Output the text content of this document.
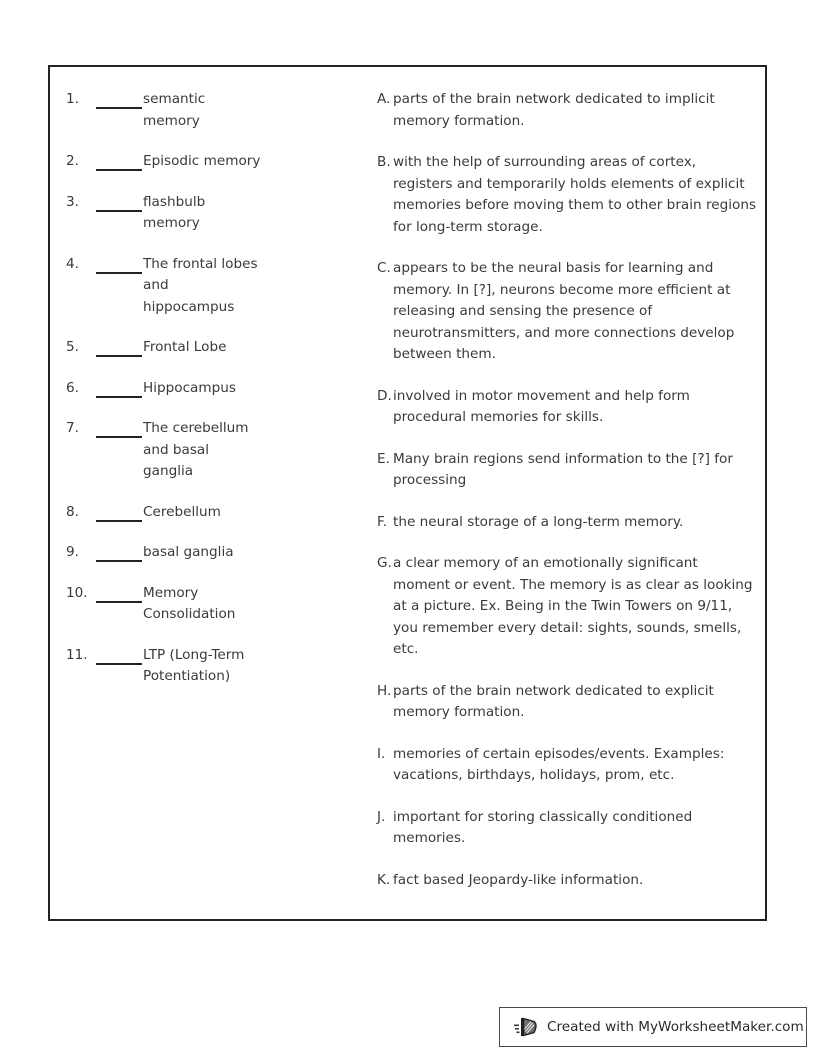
1.	semantic memory
2.	Episodic memory
3.	flashbulb memory
4.	The frontal lobes and hippocampus
5.	Frontal Lobe
6.	Hippocampus
7.	The cerebellum and basal ganglia
8.	Cerebellum
9.	basal ganglia
10.	Memory Consolidation
11.	LTP (Long-Term Potentiation)
A. parts of the brain network dedicated to implicit memory formation.
B. with the help of surrounding areas of cortex, registers and temporarily holds elements of explicit memories before moving them to other brain regions for long-term storage.
C. appears to be the neural basis for learning and memory. In [?], neurons become more efficient at releasing and sensing the presence of neurotransmitters, and more connections develop between them.
D. involved in motor movement and help form procedural memories for skills.
E. Many brain regions send information to the [?] for processing
F. the neural storage of a long-term memory.
G. a clear memory of an emotionally significant moment or event. The memory is as clear as looking at a picture. Ex. Being in the Twin Towers on 9/11, you remember every detail: sights, sounds, smells, etc.
H. parts of the brain network dedicated to explicit memory formation.
I. memories of certain episodes/events. Examples: vacations, birthdays, holidays, prom, etc.
J. important for storing classically conditioned memories.
K. fact based Jeopardy-like information.
Created with MyWorksheetMaker.com
